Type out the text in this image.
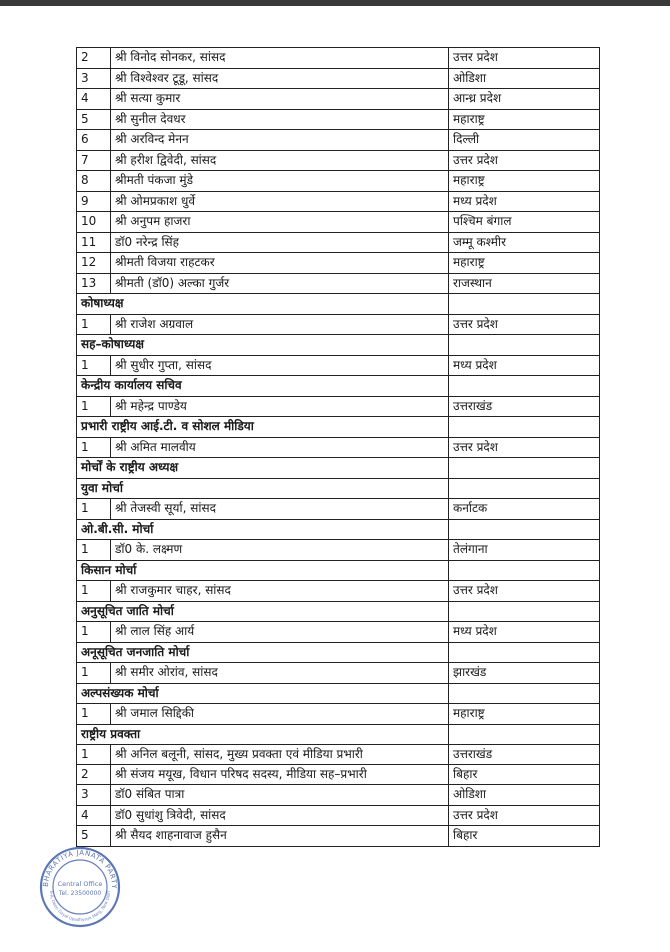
2	श्री विनोद सोनकर, सांसद	उत्तर प्रदेश
3	श्री विश्वेश्वर टूडू, सांसद	ओडिशा
4	श्री सत्या कुमार	आन्ध्र प्रदेश
5	श्री सुनील देवधर	महाराष्ट्र
6	श्री अरविन्द मेनन	दिल्ली
7	श्री हरीश द्विवेदी, सांसद	उत्तर प्रदेश
8	श्रीमती पंकजा मुंडे	महाराष्ट्र
9	श्री ओमप्रकाश धुर्वे	मध्य प्रदेश
10	श्री अनुपम हाजरा	पश्चिम बंगाल
11	डॉ0 नरेन्द्र सिंह	जम्मू कश्मीर
12	श्रीमती विजया राहटकर	महाराष्ट्र
13	श्रीमती (डॉ0) अल्का गुर्जर	राजस्थान
कोषाध्यक्ष		
1	श्री राजेश अग्रवाल	उत्तर प्रदेश
सह–कोषाध्यक्ष		
1	श्री सुधीर गुप्ता, सांसद	मध्य प्रदेश
केन्द्रीय कार्यालय सचिव		
1	श्री महेन्द्र पाण्डेय	उत्तराखंड
प्रभारी राष्ट्रीय आई.टी. व सोशल मीडिया		
1	श्री अमित मालवीय	उत्तर प्रदेश
मोर्चों के राष्ट्रीय अध्यक्ष		
युवा मोर्चा		
1	श्री तेजस्वी सूर्या, सांसद	कर्नाटक
ओ.बी.सी. मोर्चा		
1	डॉ0 के. लक्ष्मण	तेलंगाना
किसान मोर्चा		
1	श्री राजकुमार चाहर, सांसद	उत्तर प्रदेश
अनुसूचित जाति मोर्चा		
1	श्री लाल सिंह आर्य	मध्य प्रदेश
अनूसूचित जनजाति मोर्चा		
1	श्री समीर ओरांव, सांसद	झारखंड
अल्पसंख्यक मोर्चा		
1	श्री जमाल सिद्दिकी	महाराष्ट्र
राष्ट्रीय प्रवक्ता		
1	श्री अनिल बलूनी, सांसद, मुख्य प्रवक्ता एवं मीडिया प्रभारी	उत्तराखंड
2	श्री संजय मयूख, विधान परिषद सदस्य, मीडिया सह–प्रभारी	बिहार
3	डॉ0 संबित पात्रा	ओडिशा
4	डॉ0 सुधांशु त्रिवेदी, सांसद	उत्तर प्रदेश
5	श्री सैयद शाहनावाज हुसैन	बिहार
BHARATIYA JANATA PARTY
6-A, Deen Dayal Upadhyaya Marg, New Delh
Central Office
Tel. 23500000
